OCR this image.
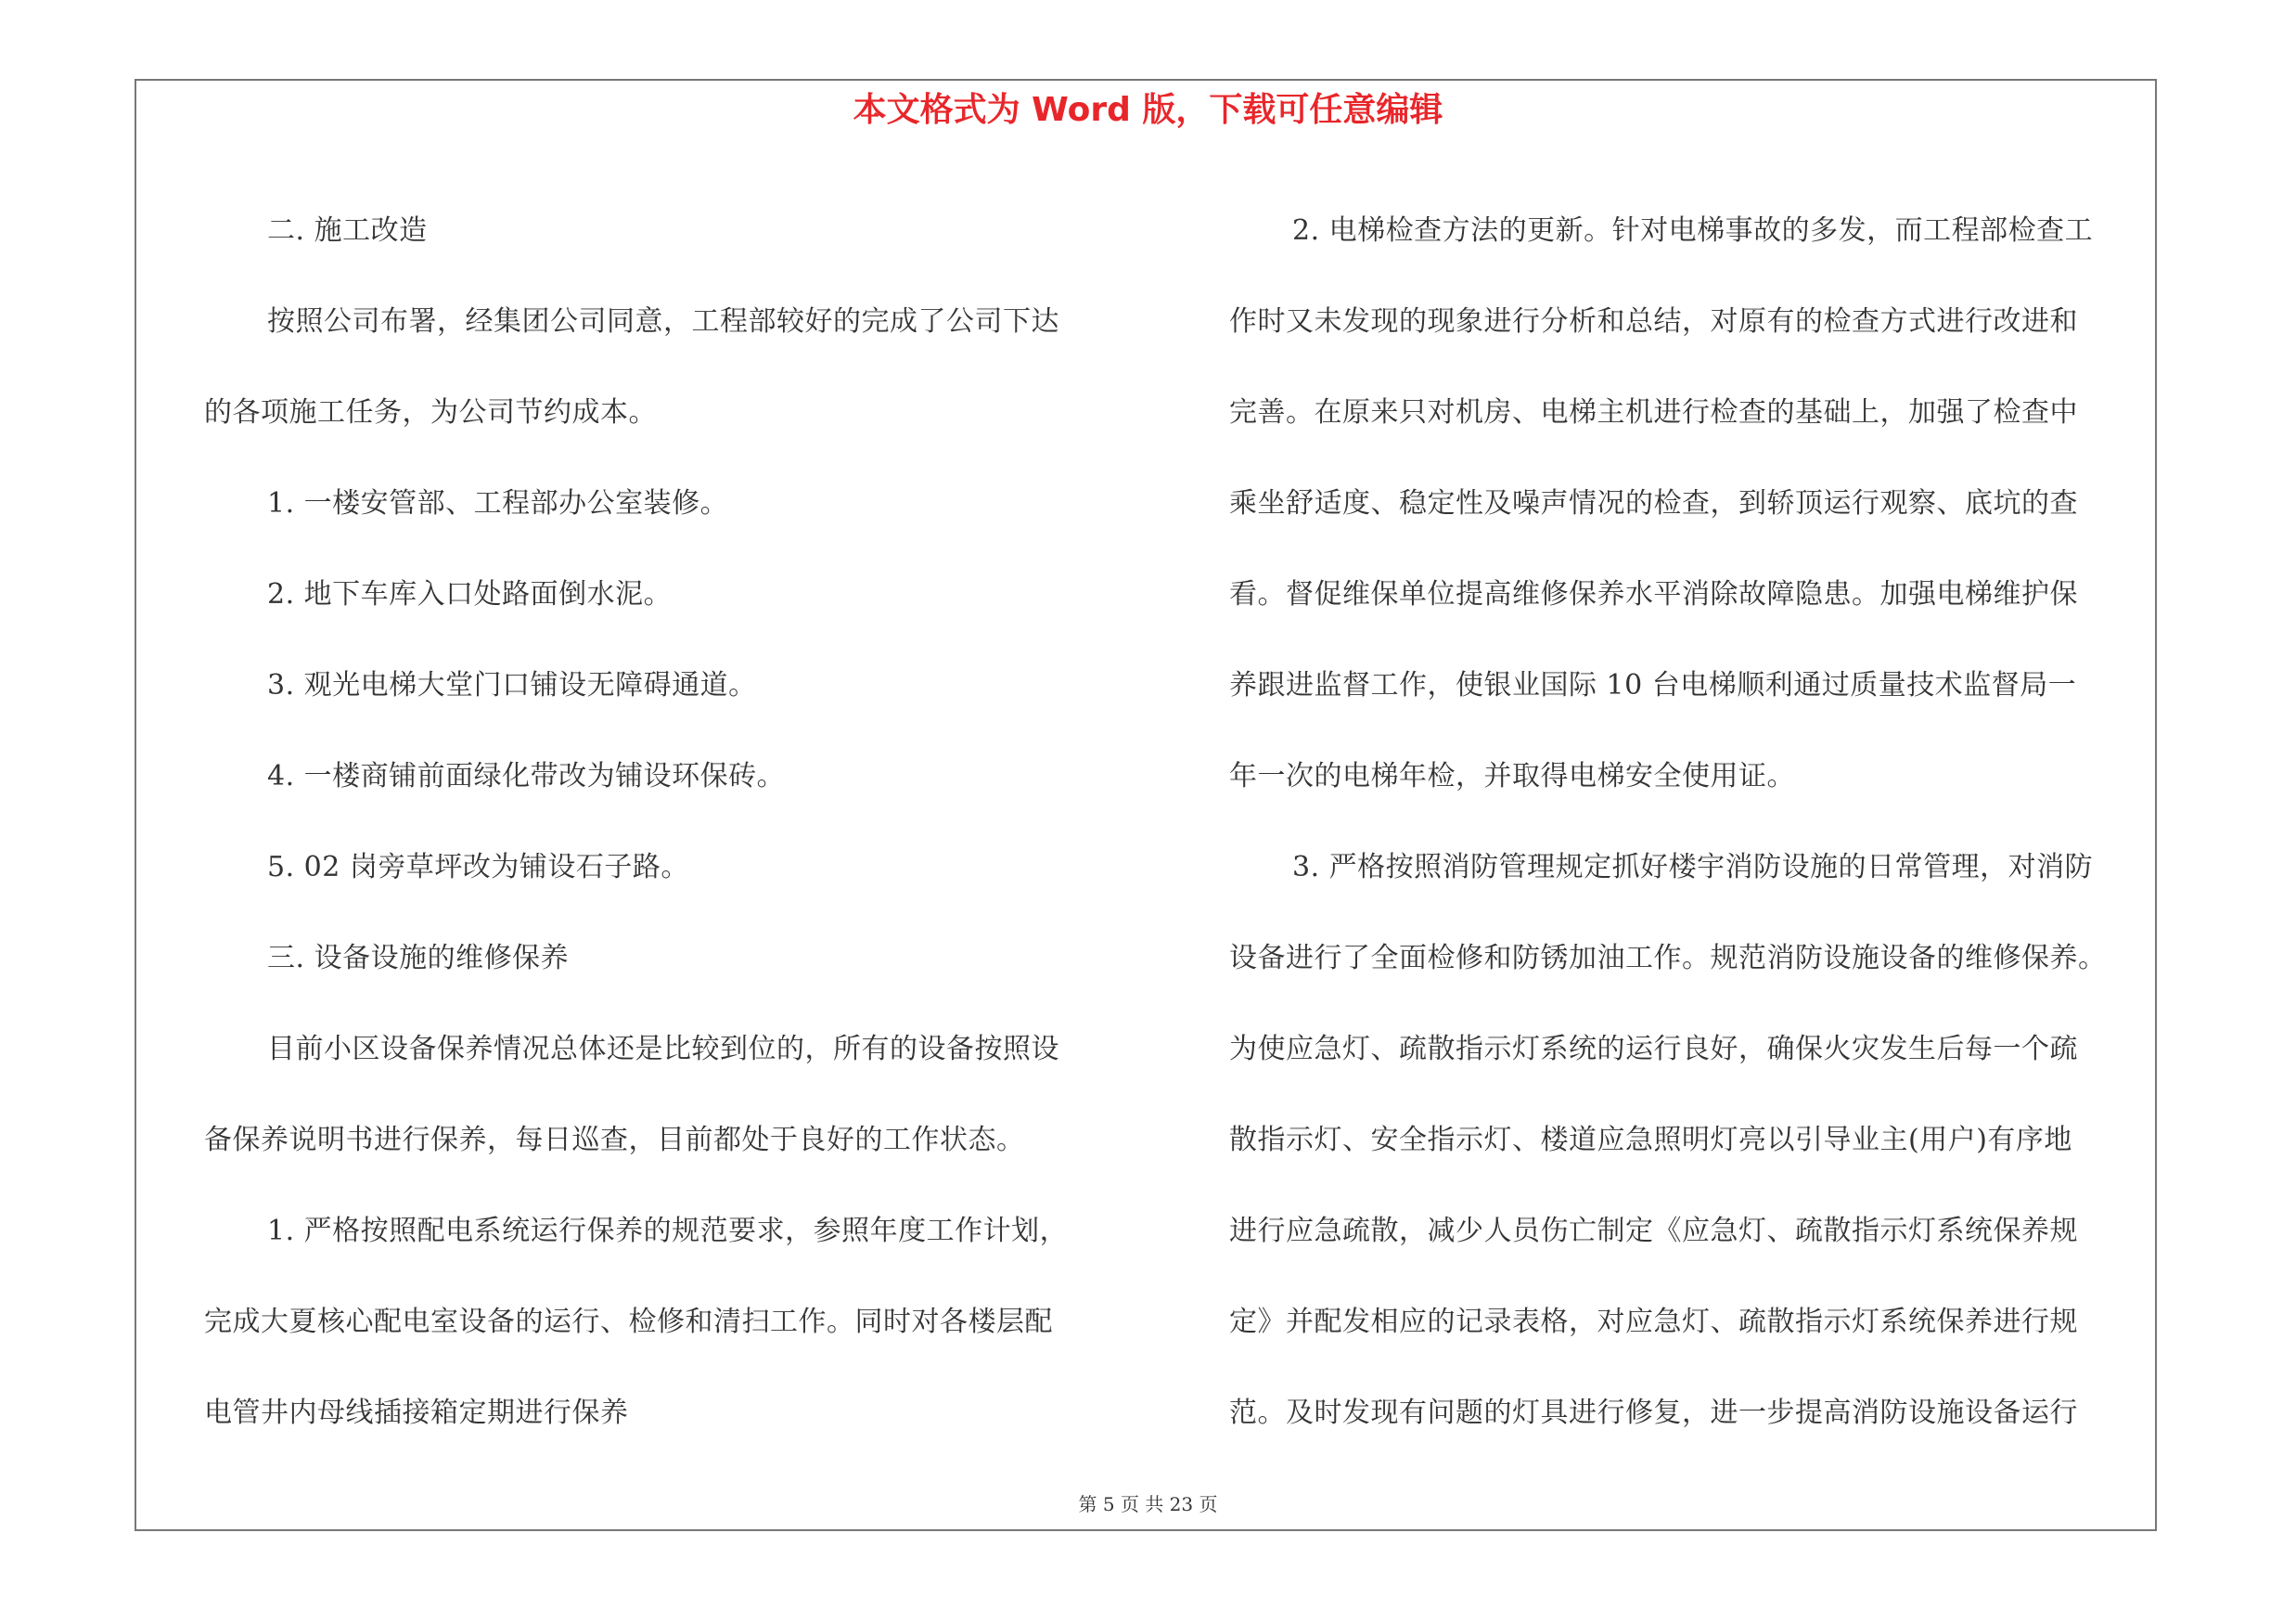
本文格式为 Word 版，下载可任意编辑

二. 施工改造

按照公司布署，经集团公司同意，工程部较好的完成了公司下达

的各项施工任务，为公司节约成本。

1. 一楼安管部、工程部办公室装修。

2. 地下车库入口处路面倒水泥。

3. 观光电梯大堂门口铺设无障碍通道。

4. 一楼商铺前面绿化带改为铺设环保砖。

5. 02 岗旁草坪改为铺设石子路。

三. 设备设施的维修保养

目前小区设备保养情况总体还是比较到位的，所有的设备按照设

备保养说明书进行保养，每日巡查，目前都处于良好的工作状态。

1. 严格按照配电系统运行保养的规范要求，参照年度工作计划，

完成大夏核心配电室设备的运行、检修和清扫工作。同时对各楼层配

电管井内母线插接箱定期进行保养

2. 电梯检查方法的更新。针对电梯事故的多发，而工程部检查工

作时又未发现的现象进行分析和总结，对原有的检查方式进行改进和

完善。在原来只对机房、电梯主机进行检查的基础上，加强了检查中

乘坐舒适度、稳定性及噪声情况的检查，到轿顶运行观察、底坑的查

看。督促维保单位提高维修保养水平消除故障隐患。加强电梯维护保

养跟进监督工作，使银业国际 10 台电梯顺利通过质量技术监督局一

年一次的电梯年检，并取得电梯安全使用证。

3. 严格按照消防管理规定抓好楼宇消防设施的日常管理，对消防

设备进行了全面检修和防锈加油工作。规范消防设施设备的维修保养。

为使应急灯、疏散指示灯系统的运行良好，确保火灾发生后每一个疏

散指示灯、安全指示灯、楼道应急照明灯亮以引导业主(用户)有序地

进行应急疏散，减少人员伤亡制定《应急灯、疏散指示灯系统保养规

定》并配发相应的记录表格，对应急灯、疏散指示灯系统保养进行规

范。及时发现有问题的灯具进行修复，进一步提高消防设施设备运行

第 5 页 共 23 页
